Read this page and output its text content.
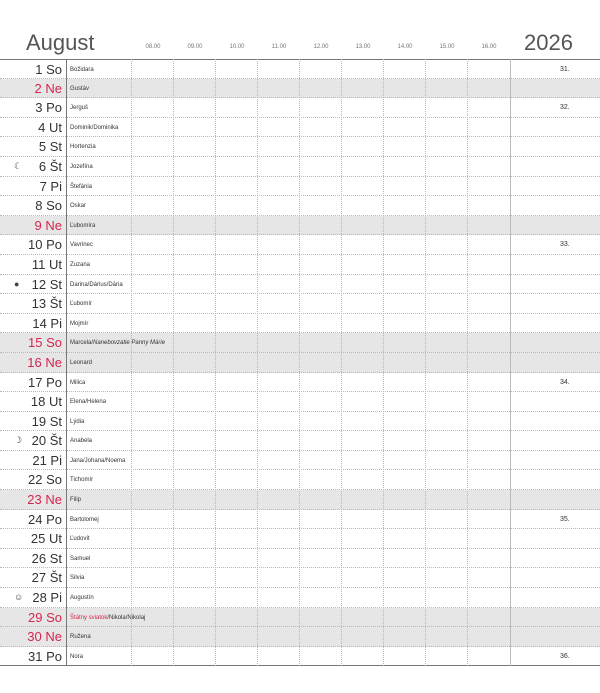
August	2026
08.00	09.00	10.00	11.00	12.00	13.00	14.00	15.00	16.00
1 So Božidara	31.
2 Ne Gustáv
3 Po Jerguš	32.
4 Ut Dominik/Dominika
5 St Hortenzia
☾ 6 Št Jozefína
7 Pi Štefánia
8 So Oskar
9 Ne Ľubomíra
10 Po Vavrinec	33.
11 Ut Zuzana
● 12 St Darina/Dárius/Dária
13 Št Ľubomír
14 Pi Mojmír
15 So Marcela/Nanebovzatie Panny Márie
16 Ne Leonard
17 Po Milica	34.
18 Ut Elena/Helena
19 St Lýdia
☽ 20 Št Anabela
21 Pi Jana/Johana/Noema
22 So Tichomír
23 Ne Filip
24 Po Bartolomej	35.
25 Ut Ľudovít
26 St Samuel
27 Št Silvia
☺ 28 Pi Augustín
29 So Štátny sviatok/Nikola/Nikolaj
30 Ne Ružena
31 Po Nora	36.
